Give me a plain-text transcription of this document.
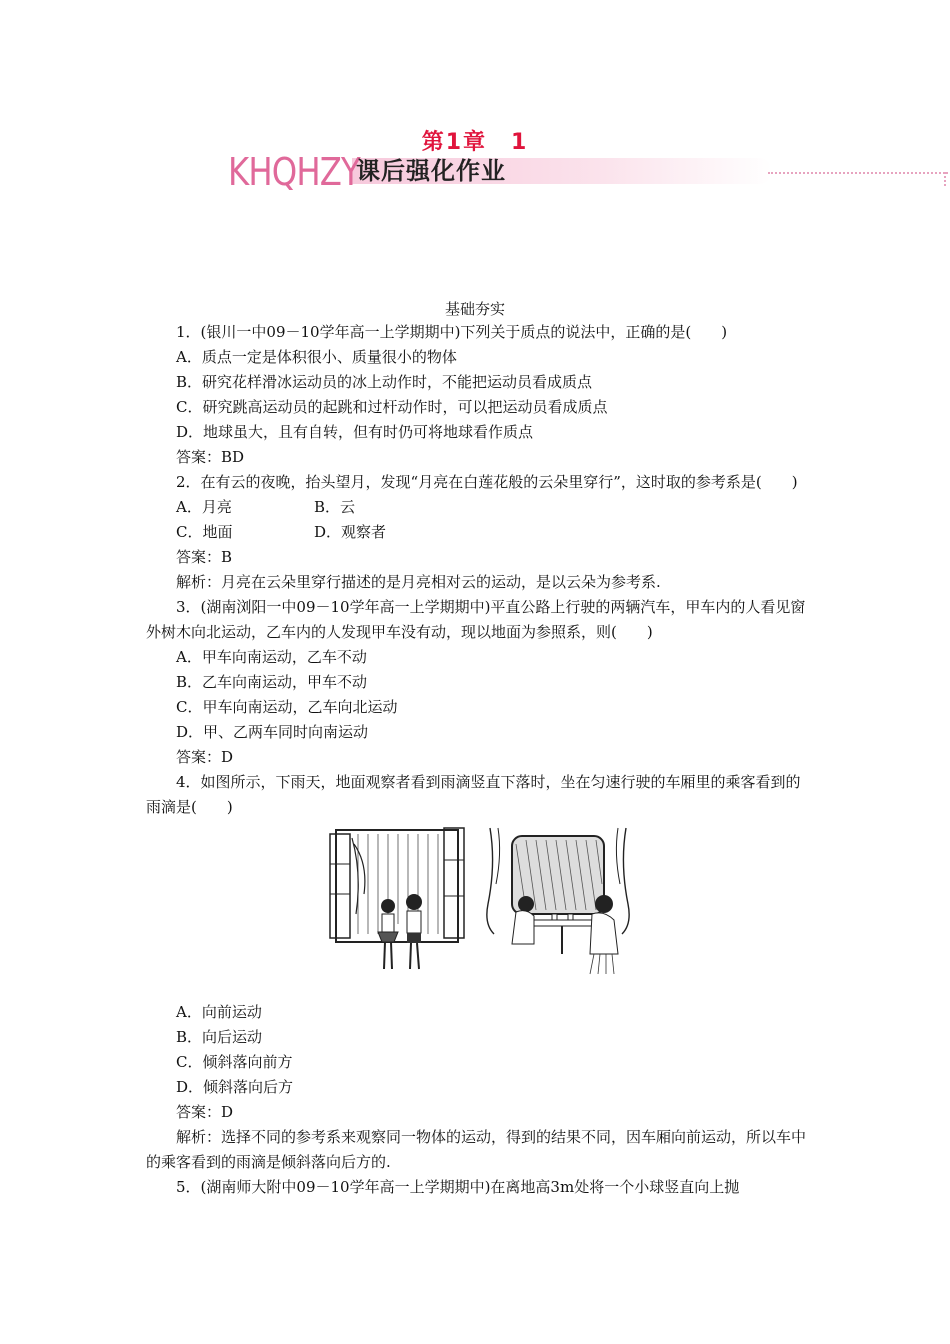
第1章　1
KHQHZY
课后强化作业
基础夯实
1．(银川一中09－10学年高一上学期期中)下列关于质点的说法中，正确的是(　　)
A．质点一定是体积很小、质量很小的物体
B．研究花样滑冰运动员的冰上动作时，不能把运动员看成质点
C．研究跳高运动员的起跳和过杆动作时，可以把运动员看成质点
D．地球虽大，且有自转，但有时仍可将地球看作质点
答案：BD
2．在有云的夜晚，抬头望月，发现“月亮在白莲花般的云朵里穿行”，这时取的参考系是(　　)
A．月亮	B．云
C．地面	D．观察者
答案：B
解析：月亮在云朵里穿行描述的是月亮相对云的运动，是以云朵为参考系.
3．(湖南浏阳一中09－10学年高一上学期期中)平直公路上行驶的两辆汽车，甲车内的人看见窗外树木向北运动，乙车内的人发现甲车没有动，现以地面为参照系，则(　　)
A．甲车向南运动，乙车不动
B．乙车向南运动，甲车不动
C．甲车向南运动，乙车向北运动
D．甲、乙两车同时向南运动
答案：D
4．如图所示，下雨天，地面观察者看到雨滴竖直下落时，坐在匀速行驶的车厢里的乘客看到的雨滴是(　　)
A．向前运动
B．向后运动
C．倾斜落向前方
D．倾斜落向后方
答案：D
解析：选择不同的参考系来观察同一物体的运动，得到的结果不同，因车厢向前运动，所以车中的乘客看到的雨滴是倾斜落向后方的.
5．(湖南师大附中09－10学年高一上学期期中)在离地高3m处将一个小球竖直向上抛
